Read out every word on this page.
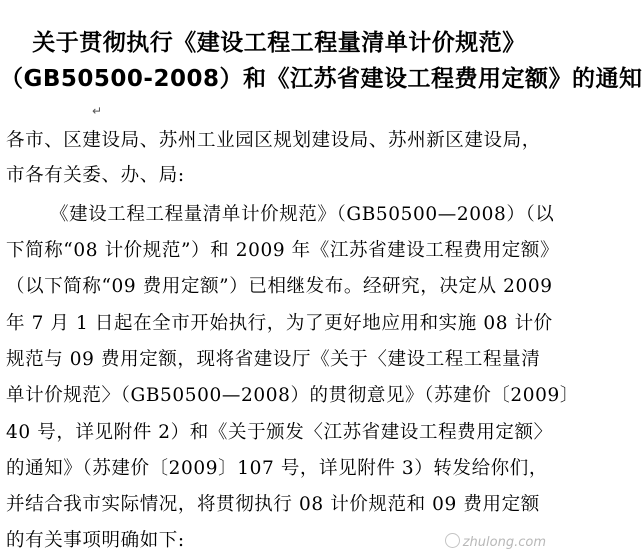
关于贯彻执行《建设工程工程量清单计价规范》
（GB50500-2008）和《江苏省建设工程费用定额》的通知
↵
各市、区建设局、苏州工业园区规划建设局、苏州新区建设局，
市各有关委、办、局:
《建设工程工程量清单计价规范》（GB50500—2008）（以
下简称“08 计价规范”）和 2009 年《江苏省建设工程费用定额》
（以下简称“09 费用定额”）已相继发布。经研究，决定从 2009
年 7 月 1 日起在全市开始执行，为了更好地应用和实施 08 计价
规范与 09 费用定额，现将省建设厅《关于〈建设工程工程量清
单计价规范〉（GB50500—2008）的贯彻意见》（苏建价〔2009〕
40 号，详见附件 2）和《关于颁发〈江苏省建设工程费用定额〉
的通知》（苏建价〔2009〕107 号，详见附件 3）转发给你们，
并结合我市实际情况，将贯彻执行 08 计价规范和 09 费用定额
的有关事项明确如下:	zhulong.com
